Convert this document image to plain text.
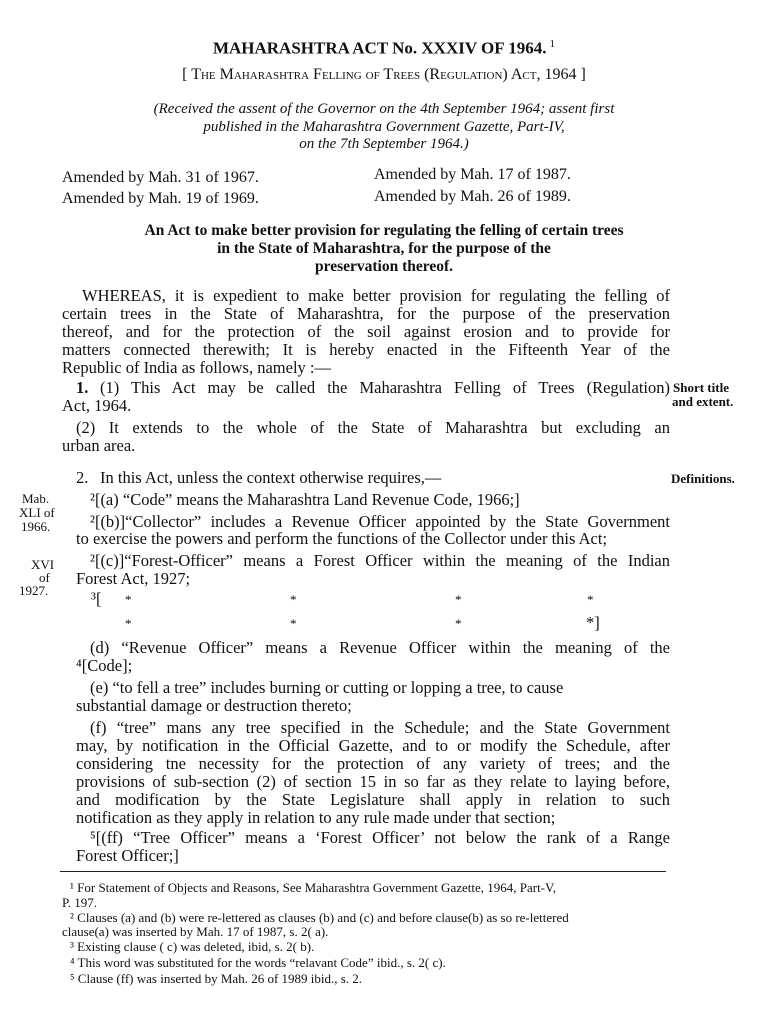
MAHARASHTRA ACT No. XXXIV OF 1964. $^1$
[ The Maharashtra Felling of Trees (Regulation) Act, 1964 ]
(Received the assent of the Governor on the 4th September 1964; assent first
published in the Maharashtra Government Gazette, Part-IV,
on the 7th September 1964.)
Amended by Mah. 31 of 1967.	Amended by Mah. 17 of 1987.
Amended by Mah. 19 of 1969.	Amended by Mah. 26 of 1989.
An Act to make better provision for regulating the felling of certain trees
in the State of Maharashtra, for the purpose of the
preservation thereof.
WHEREAS, it is expedient to make better provision for regulating the felling of
certain trees in the State of Maharashtra, for the purpose of the preservation
thereof, and for the protection of the soil against erosion and to provide for
matters connected therewith; It is hereby enacted in the Fifteenth Year of the
Republic of India as follows, namely :—
1. (1) This Act may be called the Maharashtra Felling of Trees (Regulation)
Act, 1964.
Short title
and extent.
(2) It extends to the whole of the State of Maharashtra but excluding an
urban area.
2. In this Act, unless the context otherwise requires,—	Definitions.
Mab.
XLI of
1966.
²[(a) “Code” means the Maharashtra Land Revenue Code, 1966;]
²[(b)]“Collector” includes a Revenue Officer appointed by the State Government
to exercise the powers and perform the functions of the Collector under this Act;
XVI
of
1927.
²[(c)]“Forest-Officer” means a Forest Officer within the meaning of the Indian
Forest Act, 1927;
³[ *	*	*	*
*	*	*	*]
(d) “Revenue Officer” means a Revenue Officer within the meaning of the
⁴[Code];
(e) “to fell a tree” includes burning or cutting or lopping a tree, to cause
substantial damage or destruction thereto;
(f) “tree” mans any tree specified in the Schedule; and the State Government
may, by notification in the Official Gazette, and to or modify the Schedule, after
considering tne necessity for the protection of any variety of trees; and the
provisions of sub-section (2) of section 15 in so far as they relate to laying before,
and modification by the State Legislature shall apply in relation to such
notification as they apply in relation to any rule made under that section;
⁵[(ff) “Tree Officer” means a ‘Forest Officer’ not below the rank of a Range
Forest Officer;]
¹ For Statement of Objects and Reasons, See Maharashtra Government Gazette, 1964, Part-V,
P. 197.
² Clauses (a) and (b) were re-lettered as clauses (b) and (c) and before clause(b) as so re-lettered
clause(a) was inserted by Mah. 17 of 1987, s. 2( a).
³ Existing clause ( c) was deleted, ibid, s. 2( b).
⁴ This word was substituted for the words “relavant Code” ibid., s. 2( c).
⁵ Clause (ff) was inserted by Mah. 26 of 1989 ibid., s. 2.
